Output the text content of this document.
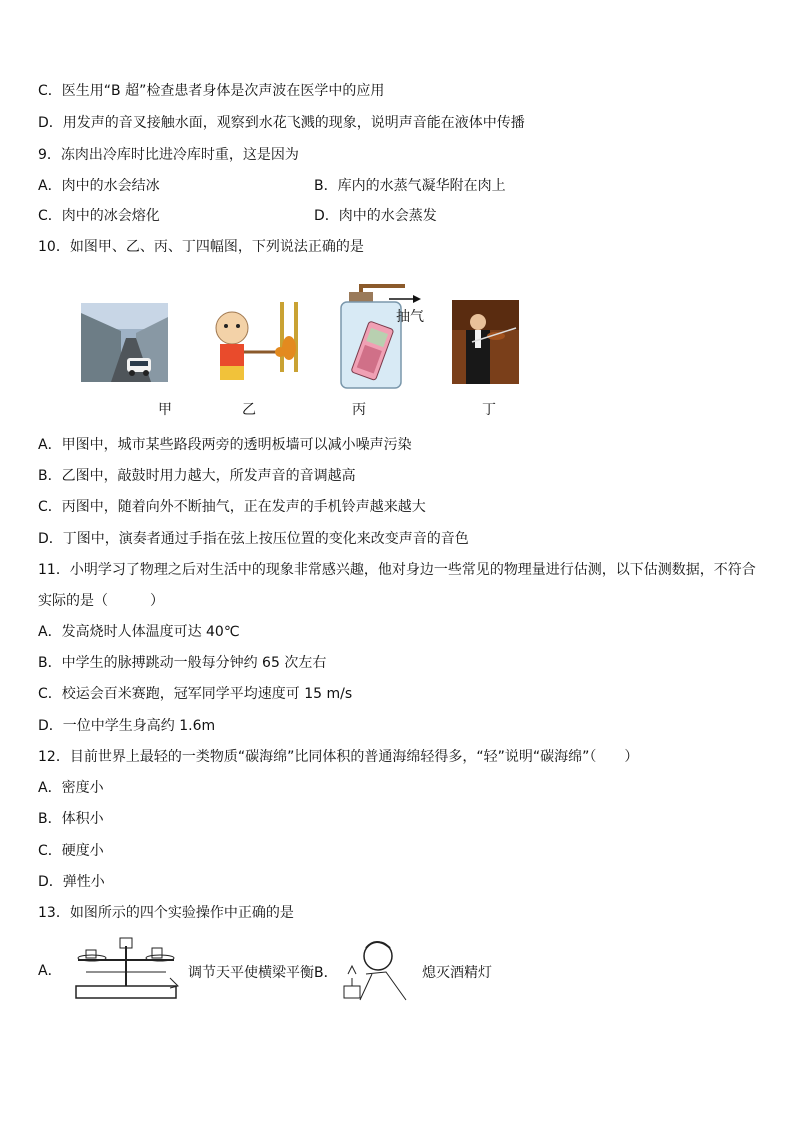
C．医生用“B 超”检查患者身体是次声波在医学中的应用
D．用发声的音叉接触水面，观察到水花飞溅的现象，说明声音能在液体中传播
9．冻肉出冷库时比进冷库时重，这是因为
A．肉中的水会结冰	B．库内的水蒸气凝华附在肉上
C．肉中的冰会熔化	D．肉中的水会蒸发
10．如图甲、乙、丙、丁四幅图，下列说法正确的是
甲	乙
抽气
丙	丁
A．甲图中，城市某些路段两旁的透明板墙可以减小噪声污染
B．乙图中，敲鼓时用力越大，所发声音的音调越高
C．丙图中，随着向外不断抽气，正在发声的手机铃声越来越大
D．丁图中，演奏者通过手指在弦上按压位置的变化来改变声音的音色
11．小明学习了物理之后对生活中的现象非常感兴趣，他对身边一些常见的物理量进行估测，以下估测数据，不符合
实际的是（　　　）
A．发高烧时人体温度可达 40℃
B．中学生的脉搏跳动一般每分钟约 65 次左右
C．校运会百米赛跑，冠军同学平均速度可 15 m/s
D．一位中学生身高约 1.6m
12．目前世界上最轻的一类物质“碳海绵”比同体积的普通海绵轻得多，“轻”说明“碳海绵”（　　）
A．密度小
B．体积小
C．硬度小
D．弹性小
13．如图所示的四个实验操作中正确的是
A．	调节天平使横梁平衡 B．	熄灭酒精灯
